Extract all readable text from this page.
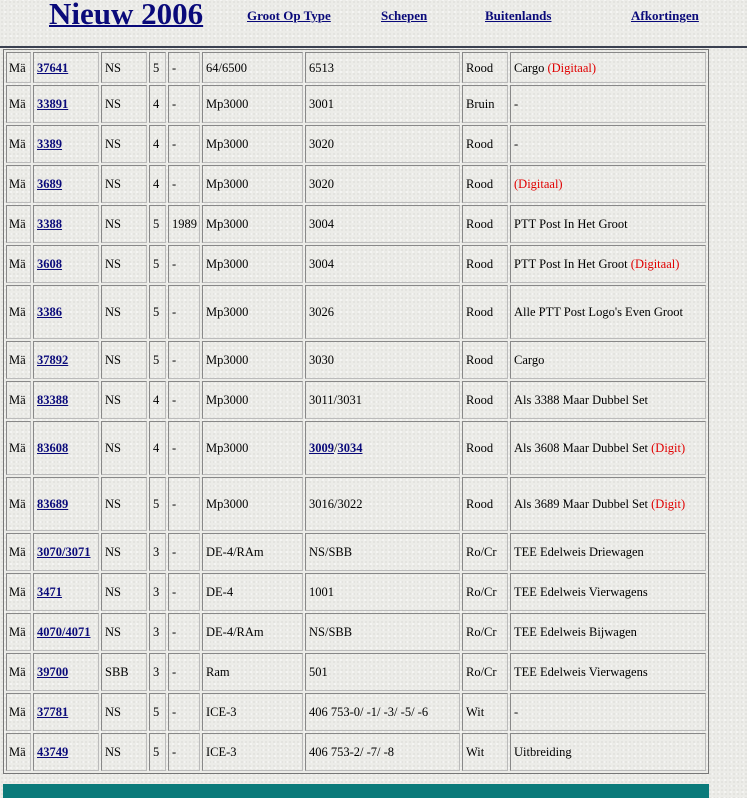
Nieuw 2006	Groot Op Type	Schepen	Buitenlands	Afkortingen
Mä	37641	NS	5	-	64/6500	6513	Rood	Cargo (Digitaal)
Mä	33891	NS	4	-	Mp3000	3001	Bruin	-
Mä	3389	NS	4	-	Mp3000	3020	Rood	-
Mä	3689	NS	4	-	Mp3000	3020	Rood	(Digitaal)
Mä	3388	NS	5	1989	Mp3000	3004	Rood	PTT Post In Het Groot
Mä	3608	NS	5	-	Mp3000	3004	Rood	PTT Post In Het Groot (Digitaal)
Mä	3386	NS	5	-	Mp3000	3026	Rood	Alle PTT Post Logo's Even Groot
Mä	37892	NS	5	-	Mp3000	3030	Rood	Cargo
Mä	83388	NS	4	-	Mp3000	3011/3031	Rood	Als 3388 Maar Dubbel Set
Mä	83608	NS	4	-	Mp3000	3009/3034	Rood	Als 3608 Maar Dubbel Set (Digit)
Mä	83689	NS	5	-	Mp3000	3016/3022	Rood	Als 3689 Maar Dubbel Set (Digit)
Mä	3070/3071	NS	3	-	DE-4/RAm	NS/SBB	Ro/Cr	TEE Edelweis Driewagen
Mä	3471	NS	3	-	DE-4	1001	Ro/Cr	TEE Edelweis Vierwagens
Mä	4070/4071	NS	3	-	DE-4/RAm	NS/SBB	Ro/Cr	TEE Edelweis Bijwagen
Mä	39700	SBB	3	-	Ram	501	Ro/Cr	TEE Edelweis Vierwagens
Mä	37781	NS	5	-	ICE-3	406 753-0/ -1/ -3/ -5/ -6	Wit	-
Mä	43749	NS	5	-	ICE-3	406 753-2/ -7/ -8	Wit	Uitbreiding
